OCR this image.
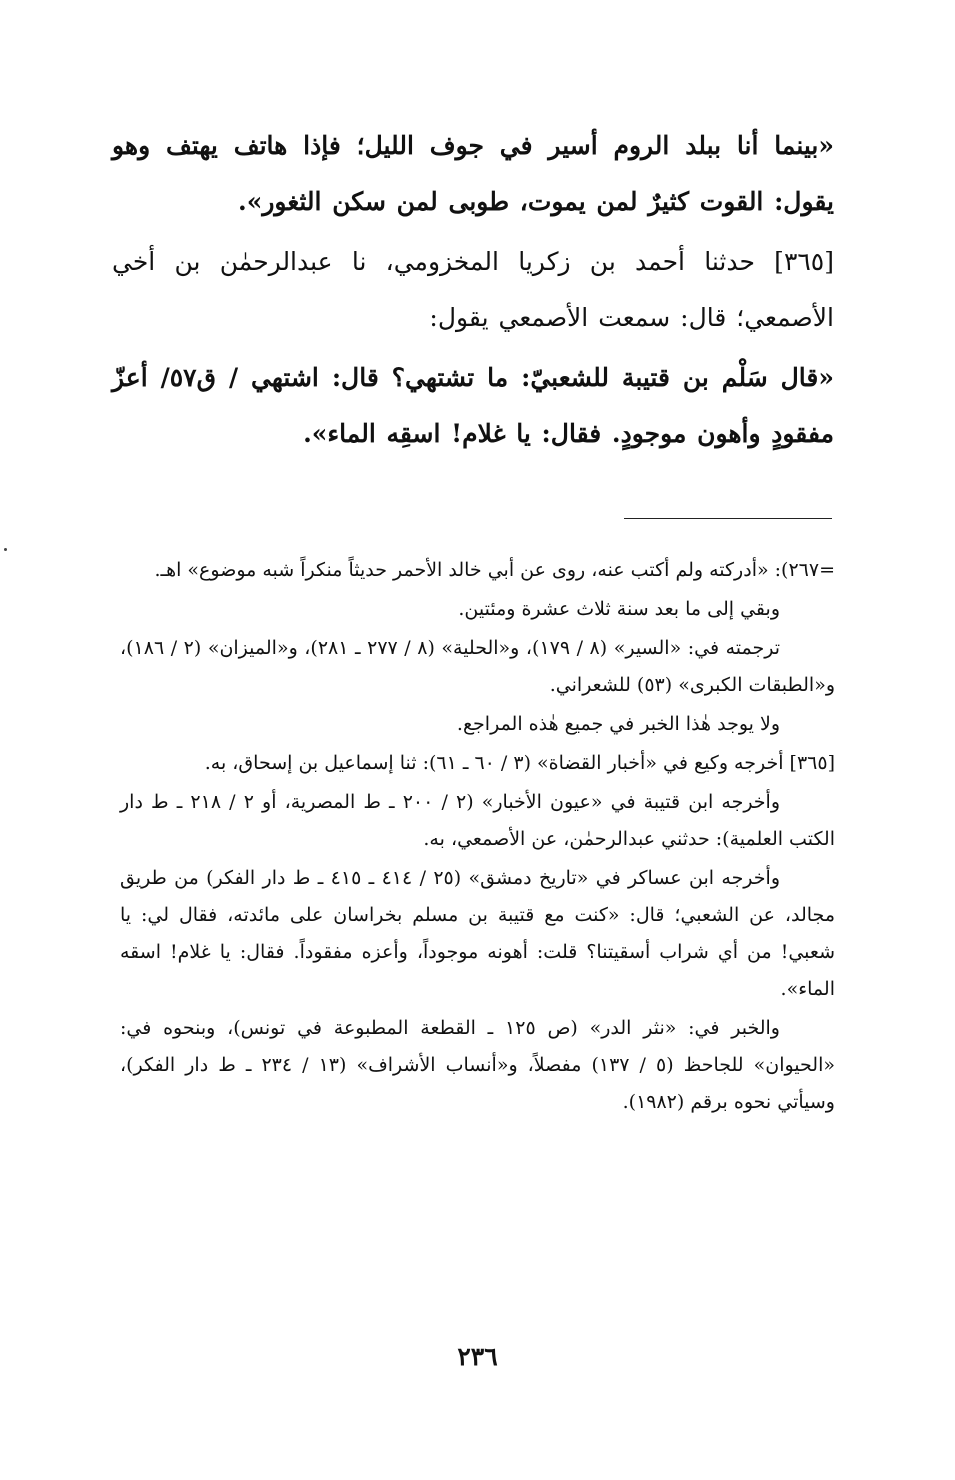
«بينما أنا ببلد الروم أسير في جوف الليل؛ فإذا هاتف يهتف وهو يقول: القوت كثيرٌ لمن يموت، طوبى لمن سكن الثغور».

[٣٦٥] حدثنا أحمد بن زكريا المخزومي، نا عبدالرحمٰن بن أخي الأصمعي؛ قال: سمعت الأصمعي يقول:

«قال سَلْم بن قتيبة للشعبيّ: ما تشتهي؟ قال: اشتهي / ق٥٧/ أعزّ مفقودٍ وأهون موجودٍ. فقال: يا غلام! اسقِه الماء».

=٢٦٧): «أدركته ولم أكتب عنه، روى عن أبي خالد الأحمر حديثاً منكراً شبه موضوع» اهـ.

وبقي إلى ما بعد سنة ثلاث عشرة ومئتين.

ترجمته في: «السير» (٨ / ١٧٩)، و«الحلية» (٨ / ٢٧٧ ـ ٢٨١)، و«الميزان» (٢ / ١٨٦)، و«الطبقات الكبرى» (٥٣) للشعراني.

ولا يوجد هٰذا الخبر في جميع هٰذه المراجع.

[٣٦٥] أخرجه وكيع في «أخبار القضاة» (٣ / ٦٠ ـ ٦١): ثنا إسماعيل بن إسحاق، به.

وأخرجه ابن قتيبة في «عيون الأخبار» (٢ / ٢٠٠ ـ ط المصرية، أو ٢ / ٢١٨ ـ ط دار الكتب العلمية): حدثني عبدالرحمٰن، عن الأصمعي، به.

وأخرجه ابن عساكر في «تاريخ دمشق» (٢٥ / ٤١٤ ـ ٤١٥ ـ ط دار الفكر) من طريق مجالد، عن الشعبي؛ قال: «كنت مع قتيبة بن مسلم بخراسان على مائدته، فقال لي: يا شعبي! من أي شراب أسقيتنا؟ قلت: أهونه موجوداً، وأعزه مفقوداً. فقال: يا غلام! اسقه الماء».

والخبر في: «نثر الدر» (ص ١٢٥ ـ القطعة المطبوعة في تونس)، وبنحوه في: «الحيوان» للجاحظ (٥ / ١٣٧) مفصلاً، و«أنساب الأشراف» (١٣ / ٢٣٤ ـ ط دار الفكر)، وسيأتي نحوه برقم (١٩٨٢).

٢٣٦
